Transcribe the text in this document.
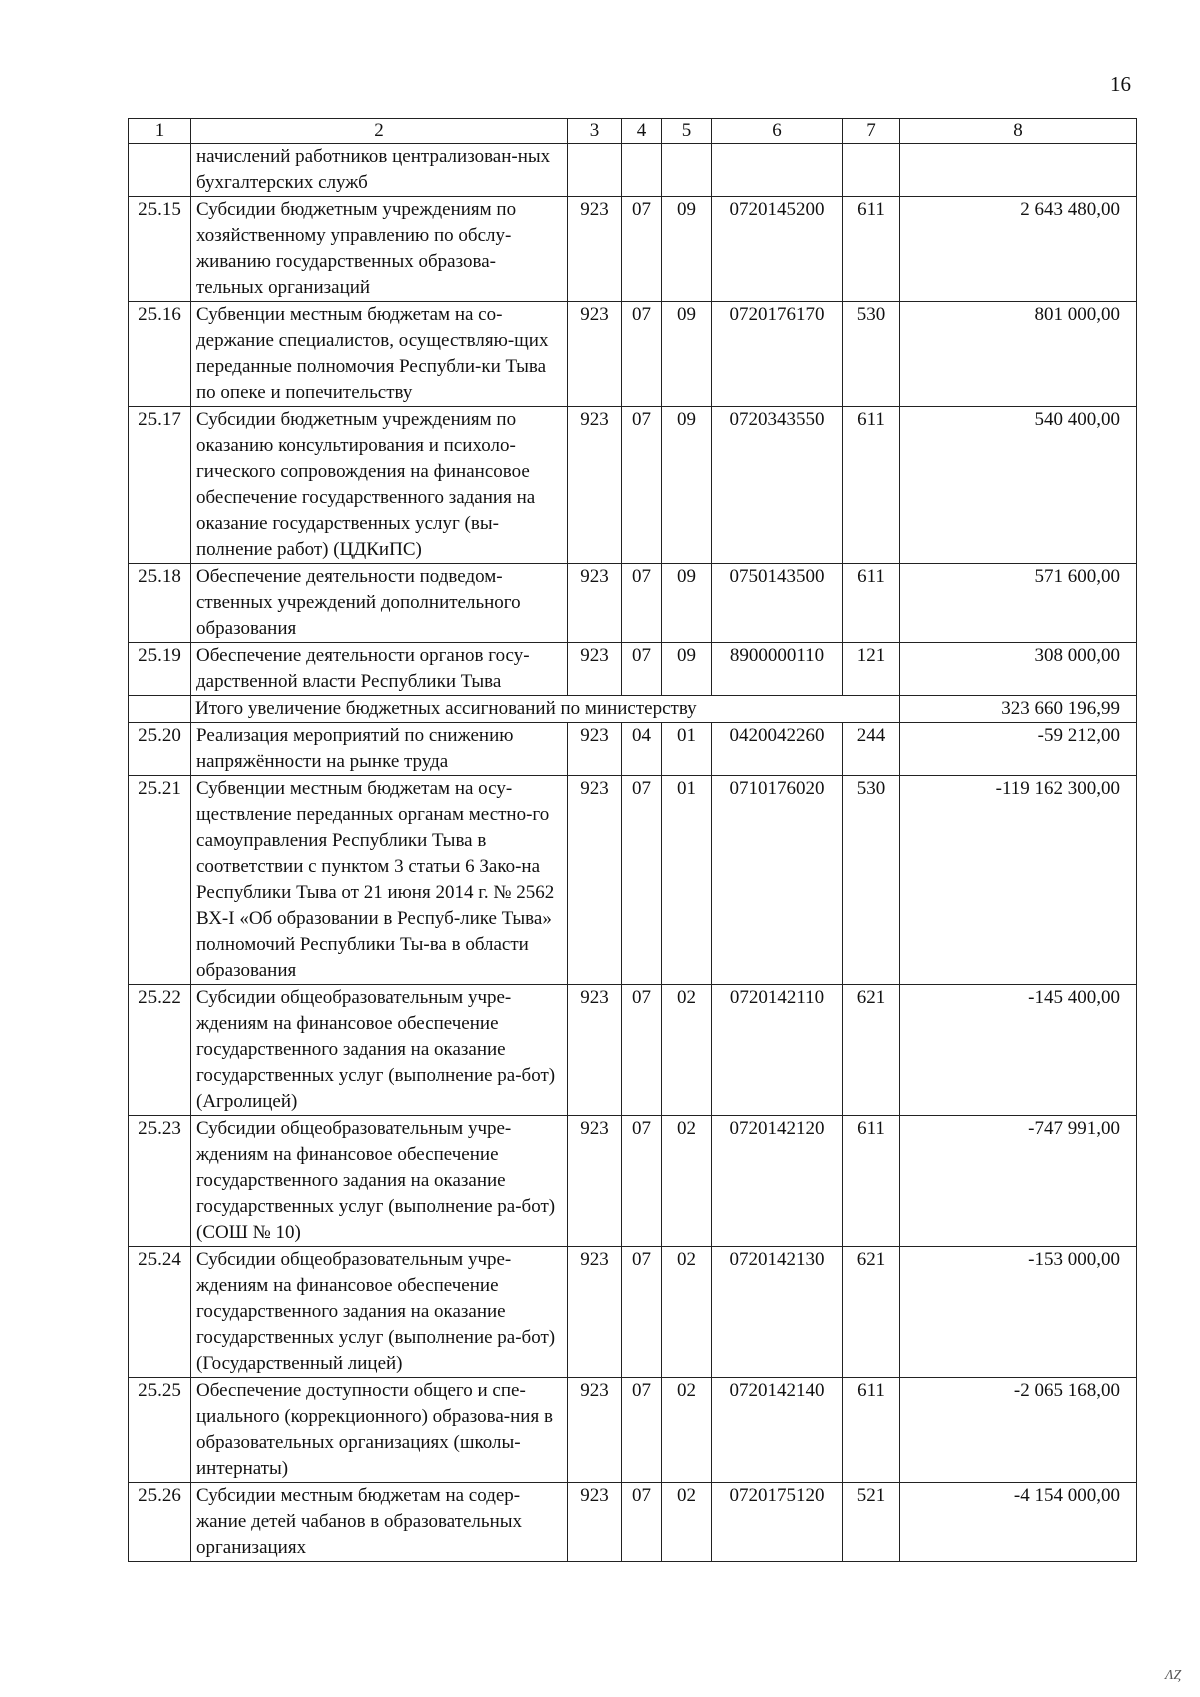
16
1	2	3	4	5	6	7	8
	начислений работников централизован-ных бухгалтерских служб						
25.15	Субсидии бюджетным учреждениям по хозяйственному управлению по обслу-живанию государственных образова-тельных организаций	923	07	09	0720145200	611	2 643 480,00
25.16	Субвенции местным бюджетам на со-держание специалистов, осуществляю-щих переданные полномочия Республи-ки Тыва по опеке и попечительству	923	07	09	0720176170	530	801 000,00
25.17	Субсидии бюджетным учреждениям по оказанию консультирования и психоло-гического сопровождения на финансовое обеспечение государственного задания на оказание государственных услуг (вы-полнение работ) (ЦДКиПС)	923	07	09	0720343550	611	540 400,00
25.18	Обеспечение деятельности подведом-ственных учреждений дополнительного образования	923	07	09	0750143500	611	571 600,00
25.19	Обеспечение деятельности органов госу-дарственной власти Республики Тыва	923	07	09	8900000110	121	308 000,00
	Итого увеличение бюджетных ассигнований по министерству						323 660 196,99
25.20	Реализация мероприятий по снижению напряжённости на рынке труда	923	04	01	0420042260	244	-59 212,00
25.21	Субвенции местным бюджетам на осу-ществление переданных органам местно-го самоуправления Республики Тыва в соответствии с пунктом 3 статьи 6 Зако-на Республики Тыва от 21 июня 2014 г. № 2562 ВХ-I «Об образовании в Респуб-лике Тыва» полномочий Республики Ты-ва в области образования	923	07	01	0710176020	530	-119 162 300,00
25.22	Субсидии общеобразовательным учре-ждениям на финансовое обеспечение государственного задания на оказание государственных услуг (выполнение ра-бот) (Агролицей)	923	07	02	0720142110	621	-145 400,00
25.23	Субсидии общеобразовательным учре-ждениям на финансовое обеспечение государственного задания на оказание государственных услуг (выполнение ра-бот) (СОШ № 10)	923	07	02	0720142120	611	-747 991,00
25.24	Субсидии общеобразовательным учре-ждениям на финансовое обеспечение государственного задания на оказание государственных услуг (выполнение ра-бот) (Государственный лицей)	923	07	02	0720142130	621	-153 000,00
25.25	Обеспечение доступности общего и спе-циального (коррекционного) образова-ния в образовательных организациях (школы-интернаты)	923	07	02	0720142140	611	-2 065 168,00
25.26	Субсидии местным бюджетам на содер-жание детей чабанов в образовательных организациях	923	07	02	0720175120	521	-4 154 000,00
ɅȤ
